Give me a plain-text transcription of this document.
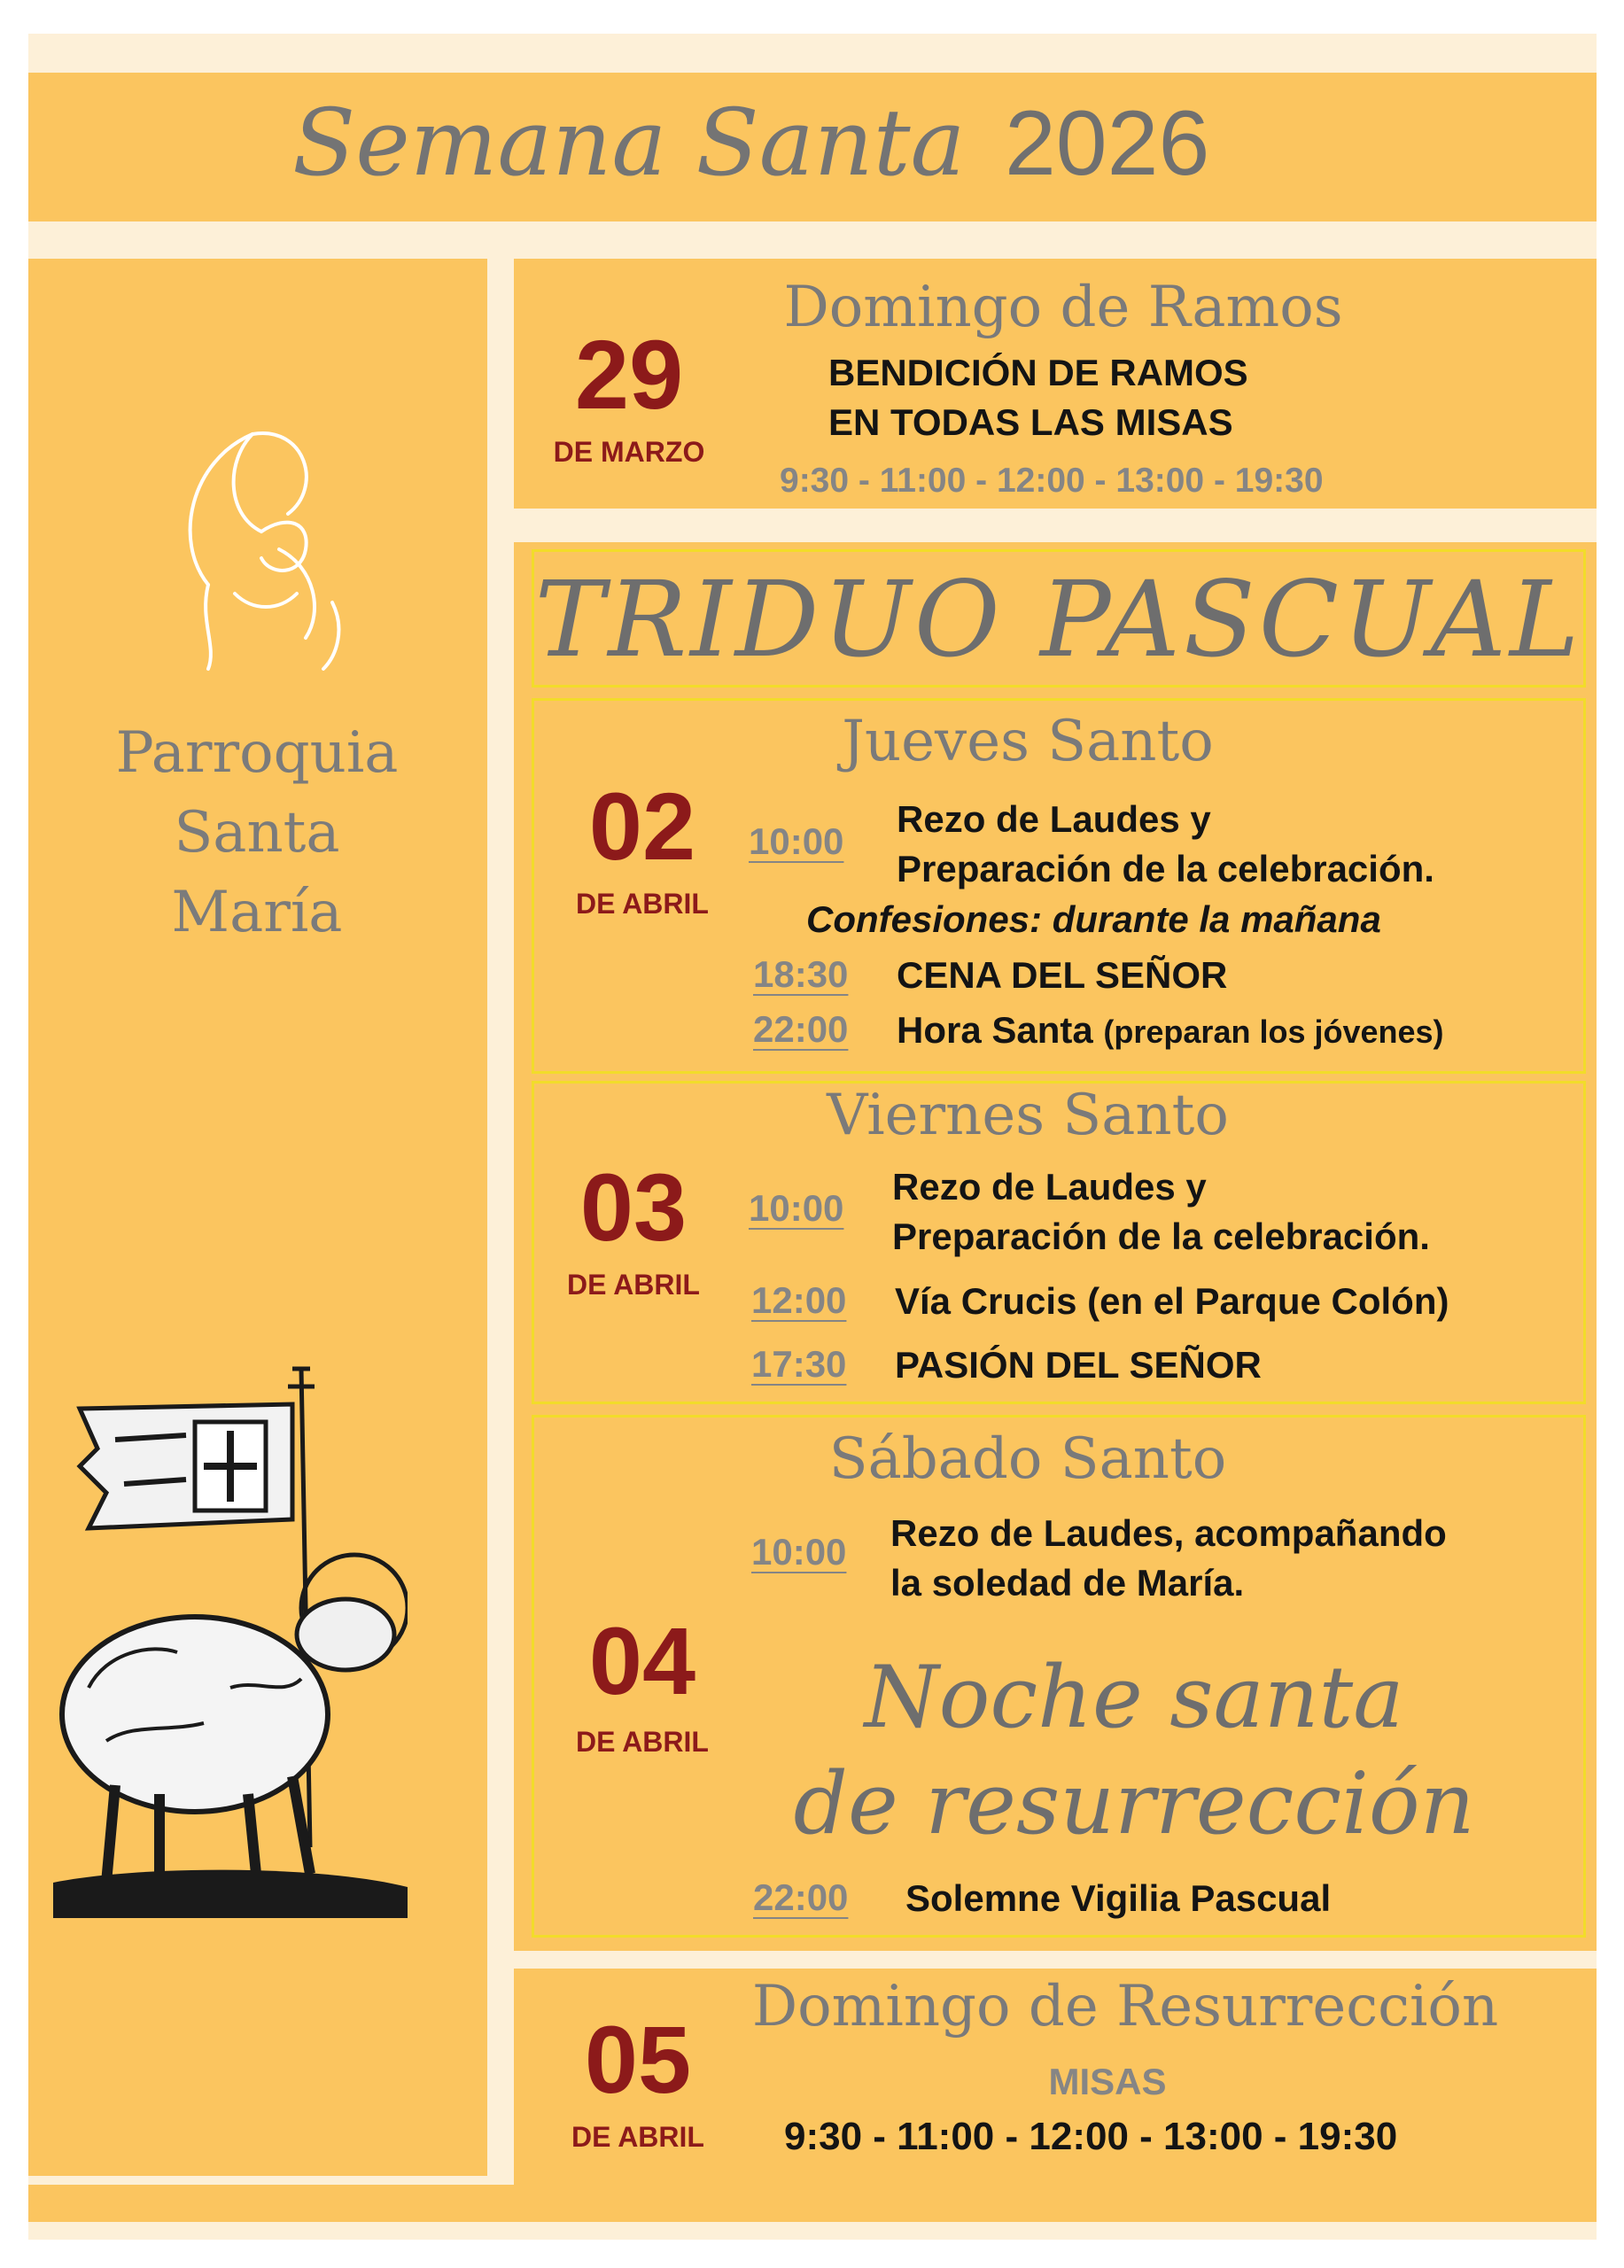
Semana Santa 2026
Parroquia
Santa
María
29
DE MARZO
Domingo de Ramos
BENDICIÓN DE RAMOS
EN TODAS LAS MISAS
9:30 - 11:00 - 12:00 - 13:00 - 19:30
TRIDUO PASCUAL
Jueves Santo
02
DE ABRIL
10:00
Rezo de Laudes y
Preparación de la celebración.
Confesiones: durante la mañana
18:30 CENA DEL SEÑOR
22:00 Hora Santa (preparan los jóvenes)
Viernes Santo
03
DE ABRIL
10:00
Rezo de Laudes y
Preparación de la celebración.
12:00 Vía Crucis (en el Parque Colón)
17:30 PASIÓN DEL SEÑOR
Sábado Santo
10:00 Rezo de Laudes, acompañando
la soledad de María.
04
DE ABRIL	Noche santa
de resurrección
22:00 Solemne Vigilia Pascual
Domingo de Resurrección
05
DE ABRIL
MISAS
9:30 - 11:00 - 12:00 - 13:00 - 19:30
